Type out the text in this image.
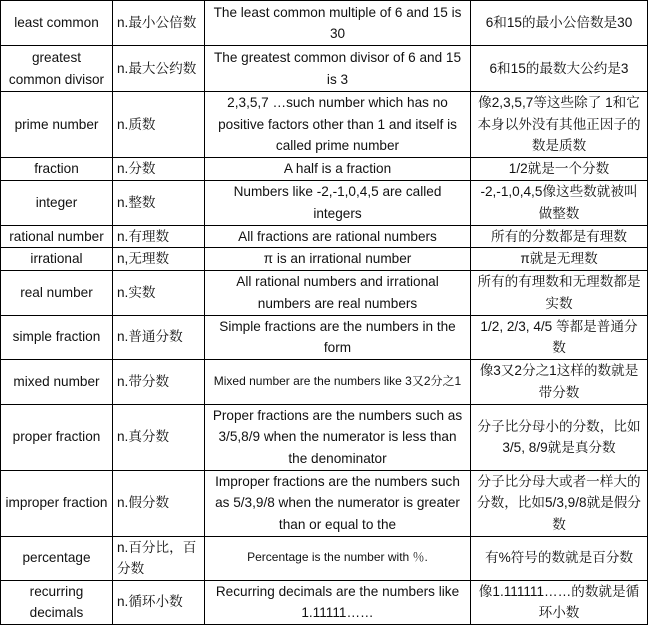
least common	n.最小公倍数	The least common multiple of 6 and 15 is 30	6和15的最小公倍数是30
greatest common divisor	n.最大公约数	The greatest common divisor of 6 and 15 is 3	6和15的最数大公约是3
prime number	n.质数	2,3,5,7 …such number which has no positive factors other than 1 and itself is called prime number	像2,3,5,7等这些除了 1和它本身以外没有其他正因子的数是质数
fraction	n.分数	A half is a fraction	1/2就是一个分数
integer	n.整数	Numbers like -2,-1,0,4,5 are called integers	-2,-1,0,4,5像这些数就被叫做整数
rational number	n.有理数	All fractions are rational numbers	所有的分数都是有理数
irrational	n,无理数	π is an irrational number	π就是无理数
real number	n.实数	All rational numbers and irrational numbers are real numbers	所有的有理数和无理数都是实数
simple fraction	n.普通分数	Simple fractions are the numbers in the form	1/2, 2/3, 4/5 等都是普通分数
mixed number	n.带分数	Mixed number are the numbers like 3又2分之1	像3又2分之1这样的数就是带分数
proper fraction	n.真分数	Proper fractions are the numbers such as 3/5,8/9 when the numerator is less than the denominator	分子比分母小的分数，比如3/5, 8/9就是真分数
improper fraction	n.假分数	Improper fractions are the numbers such as 5/3,9/8 when the numerator is greater than or equal to the	分子比分母大或者一样大的分数，比如5/3,9/8就是假分数
percentage	n.百分比，百分数	Percentage is the number with ％.	有%符号的数就是百分数
recurring decimals	n.循环小数	Recurring decimals are the numbers like 1.11111……	像1.111111……的数就是循环小数
